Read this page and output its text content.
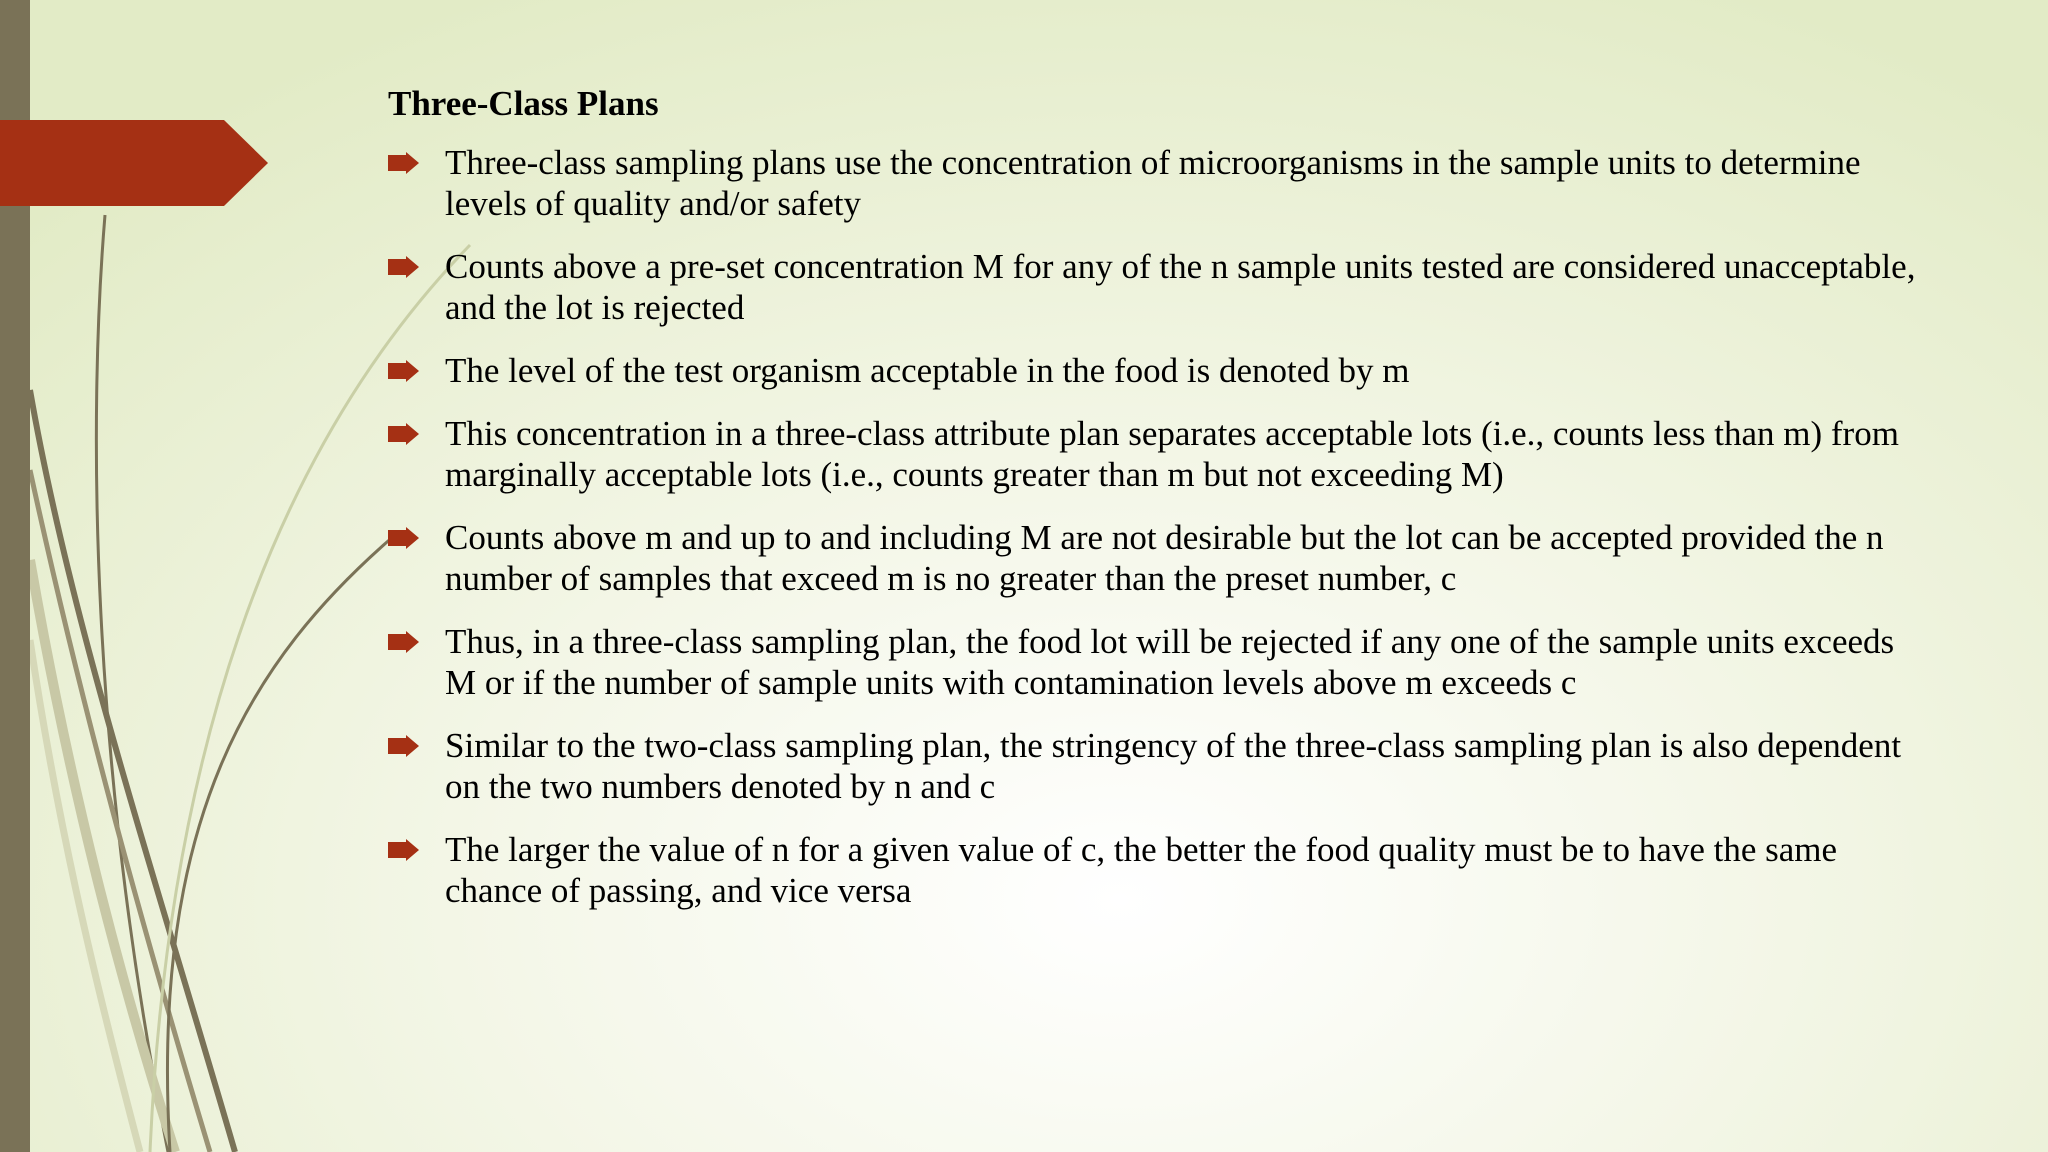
Three-Class Plans
Three-class sampling plans use the concentration of microorganisms in the sample units to determine levels of quality and/or safety
Counts above a pre-set concentration M for any of the n sample units tested are considered unacceptable, and the lot is rejected
The level of the test organism acceptable in the food is denoted by m
This concentration in a three-class attribute plan separates acceptable lots (i.e., counts less than m) from marginally acceptable lots (i.e., counts greater than m but not exceeding M)
Counts above m and up to and including M are not desirable but the lot can be accepted provided the n number of samples that exceed m is no greater than the preset number, c
Thus, in a three-class sampling plan, the food lot will be rejected if any one of the sample units exceeds M or if the number of sample units with contamination levels above m exceeds c
Similar to the two-class sampling plan, the stringency of the three-class sampling plan is also dependent on the two numbers denoted by n and c
The larger the value of n for a given value of c, the better the food quality must be to have the same chance of passing, and vice versa
